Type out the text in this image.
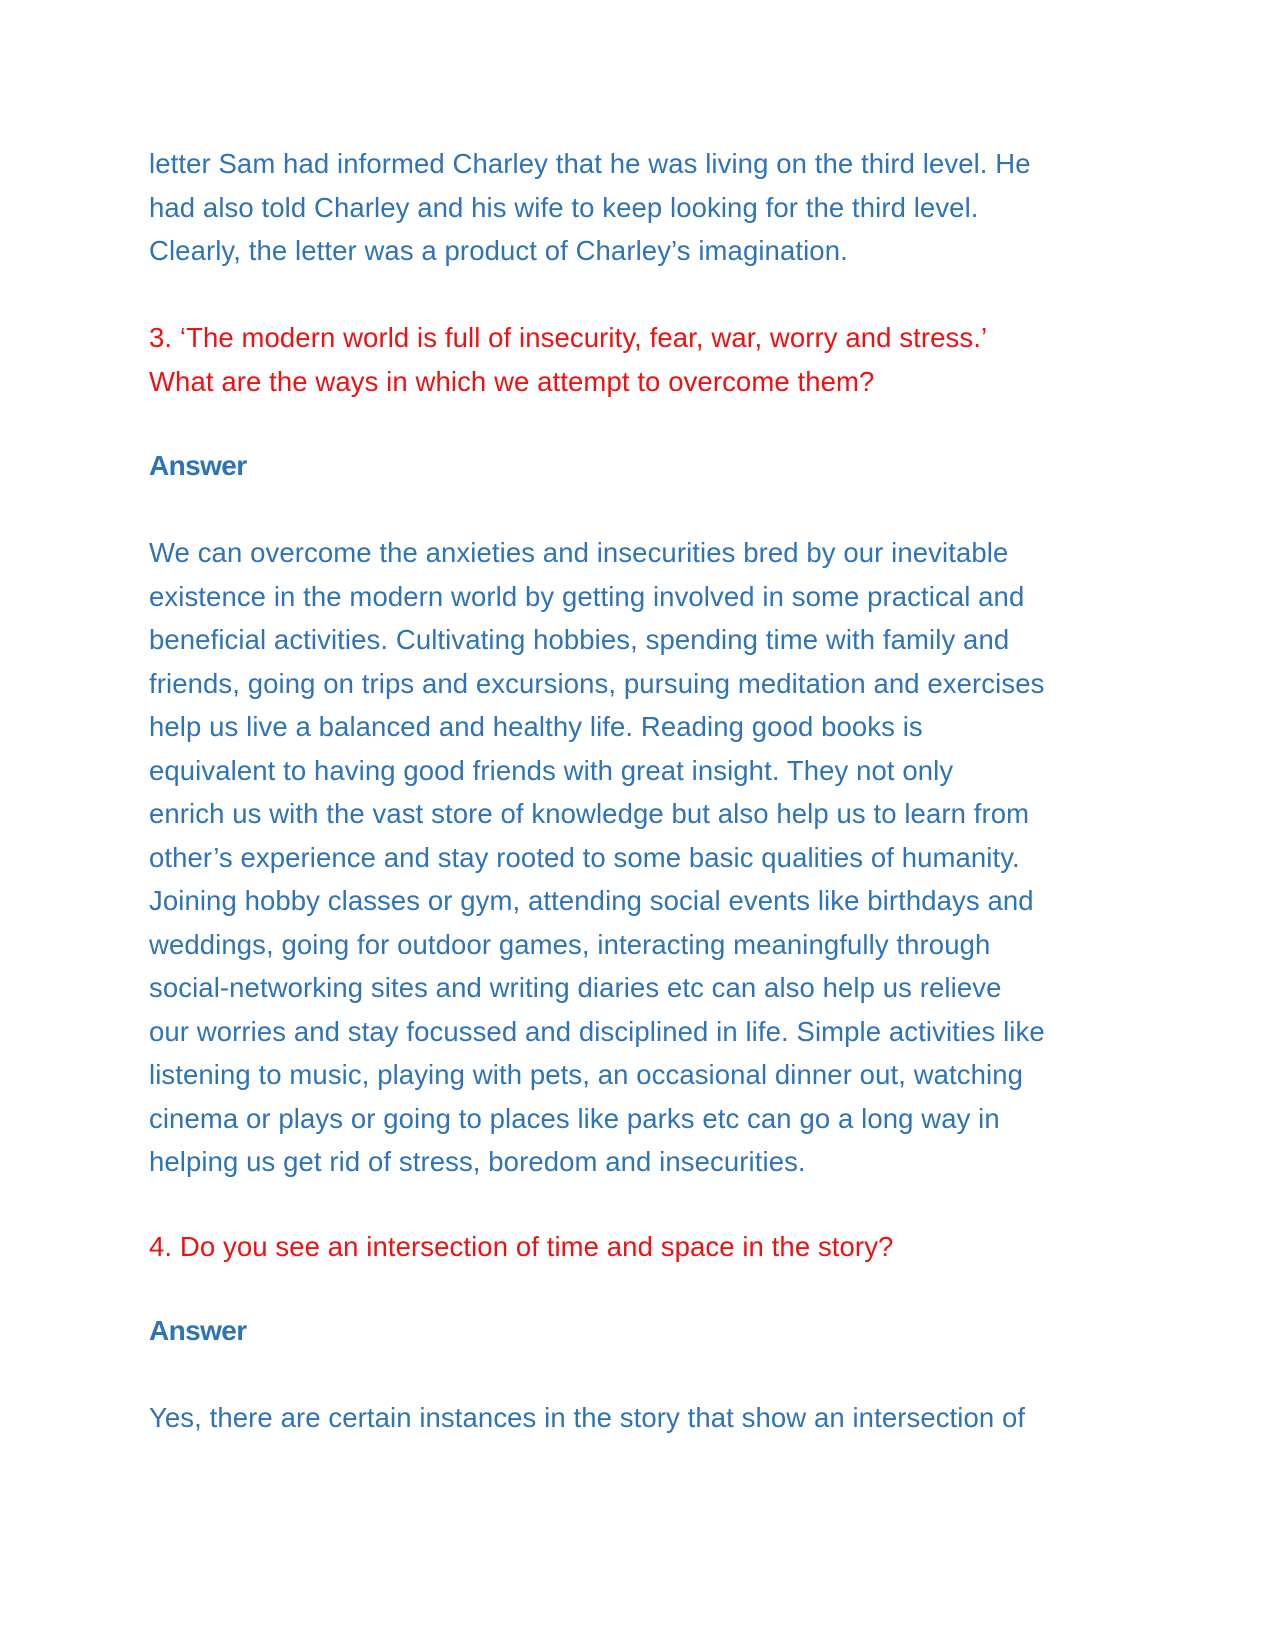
letter Sam had informed Charley that he was living on the third level. He
had also told Charley and his wife to keep looking for the third level.
Clearly, the letter was a product of Charley’s imagination.

3. ‘The modern world is full of insecurity, fear, war, worry and stress.’
What are the ways in which we attempt to overcome them?

Answer

We can overcome the anxieties and insecurities bred by our inevitable
existence in the modern world by getting involved in some practical and
beneficial activities. Cultivating hobbies, spending time with family and
friends, going on trips and excursions, pursuing meditation and exercises
help us live a balanced and healthy life. Reading good books is
equivalent to having good friends with great insight. They not only
enrich us with the vast store of knowledge but also help us to learn from
other’s experience and stay rooted to some basic qualities of humanity.
Joining hobby classes or gym, attending social events like birthdays and
weddings, going for outdoor games, interacting meaningfully through
social-networking sites and writing diaries etc can also help us relieve
our worries and stay focussed and disciplined in life. Simple activities like
listening to music, playing with pets, an occasional dinner out, watching
cinema or plays or going to places like parks etc can go a long way in
helping us get rid of stress, boredom and insecurities.

4. Do you see an intersection of time and space in the story?

Answer

Yes, there are certain instances in the story that show an intersection of
